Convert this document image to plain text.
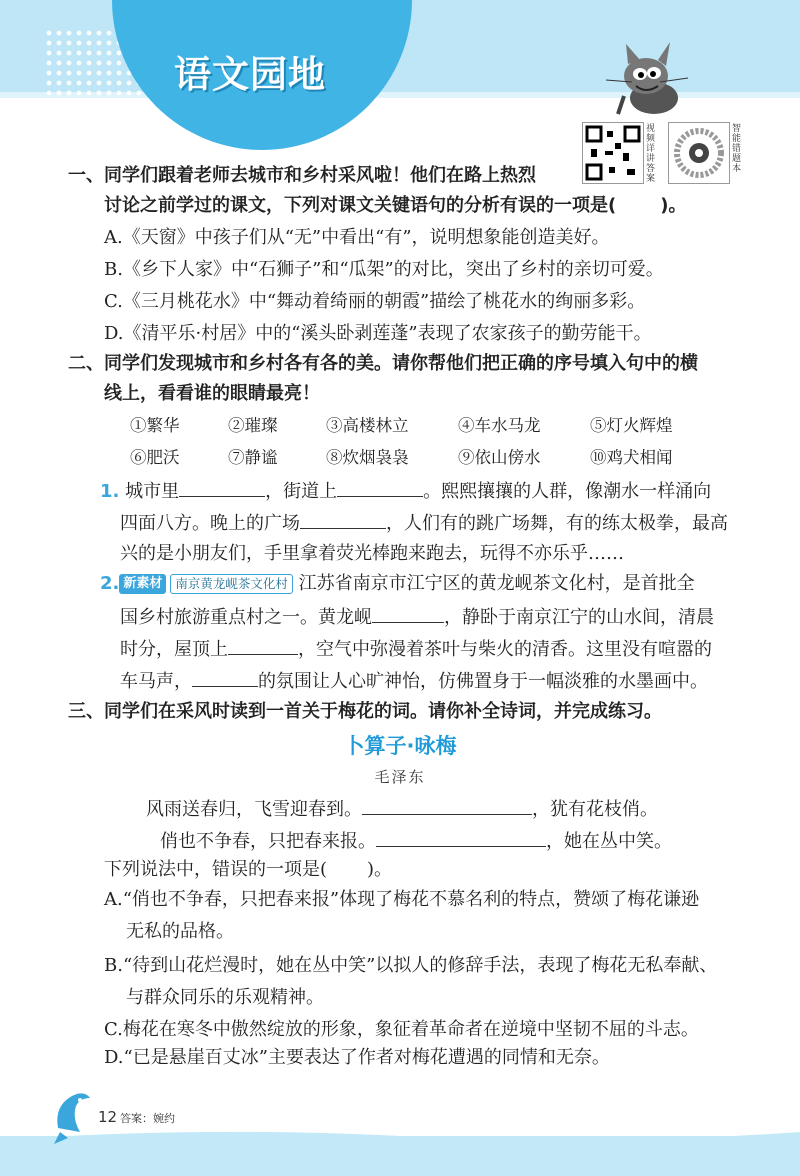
语文园地
视频详讲答案
智能错题本
一、同学们跟着老师去城市和乡村采风啦！他们在路上热烈
讨论之前学过的课文，下列对课文关键语句的分析有误的一项是( )。
A.《天窗》中孩子们从“无”中看出“有”，说明想象能创造美好。
B.《乡下人家》中“石狮子”和“瓜架”的对比，突出了乡村的亲切可爱。
C.《三月桃花水》中“舞动着绮丽的朝霞”描绘了桃花水的绚丽多彩。
D.《清平乐·村居》中的“溪头卧剥莲蓬”表现了农家孩子的勤劳能干。
二、同学们发现城市和乡村各有各的美。请你帮他们把正确的序号填入句中的横
线上，看看谁的眼睛最亮！
①繁华	②璀璨	③高楼林立	④车水马龙	⑤灯火辉煌
⑥肥沃	⑦静谧	⑧炊烟袅袅	⑨依山傍水	⑩鸡犬相闻
1. 城市里	，街道上	。熙熙攘攘的人群，像潮水一样涌向
四面八方。晚上的广场	，人们有的跳广场舞，有的练太极拳，最高
兴的是小朋友们，手里拿着荧光棒跑来跑去，玩得不亦乐乎……
2. 新素材 南京黄龙岘茶文化村 江苏省南京市江宁区的黄龙岘茶文化村，是首批全
国乡村旅游重点村之一。黄龙岘	，静卧于南京江宁的山水间，清晨
时分，屋顶上	，空气中弥漫着茶叶与柴火的清香。这里没有喧嚣的
车马声，	的氛围让人心旷神怡，仿佛置身于一幅淡雅的水墨画中。
三、同学们在采风时读到一首关于梅花的词。请你补全诗词，并完成练习。
卜算子·咏梅
毛泽东
风雨送春归，飞雪迎春到。	，犹有花枝俏。
俏也不争春，只把春来报。	，她在丛中笑。
下列说法中，错误的一项是( )。
A.“俏也不争春，只把春来报”体现了梅花不慕名利的特点，赞颂了梅花谦逊
无私的品格。
B.“待到山花烂漫时，她在丛中笑”以拟人的修辞手法，表现了梅花无私奉献、
与群众同乐的乐观精神。
C.梅花在寒冬中傲然绽放的形象，象征着革命者在逆境中坚韧不屈的斗志。
D.“已是悬崖百丈冰”主要表达了作者对梅花遭遇的同情和无奈。
12 答案：婉约
